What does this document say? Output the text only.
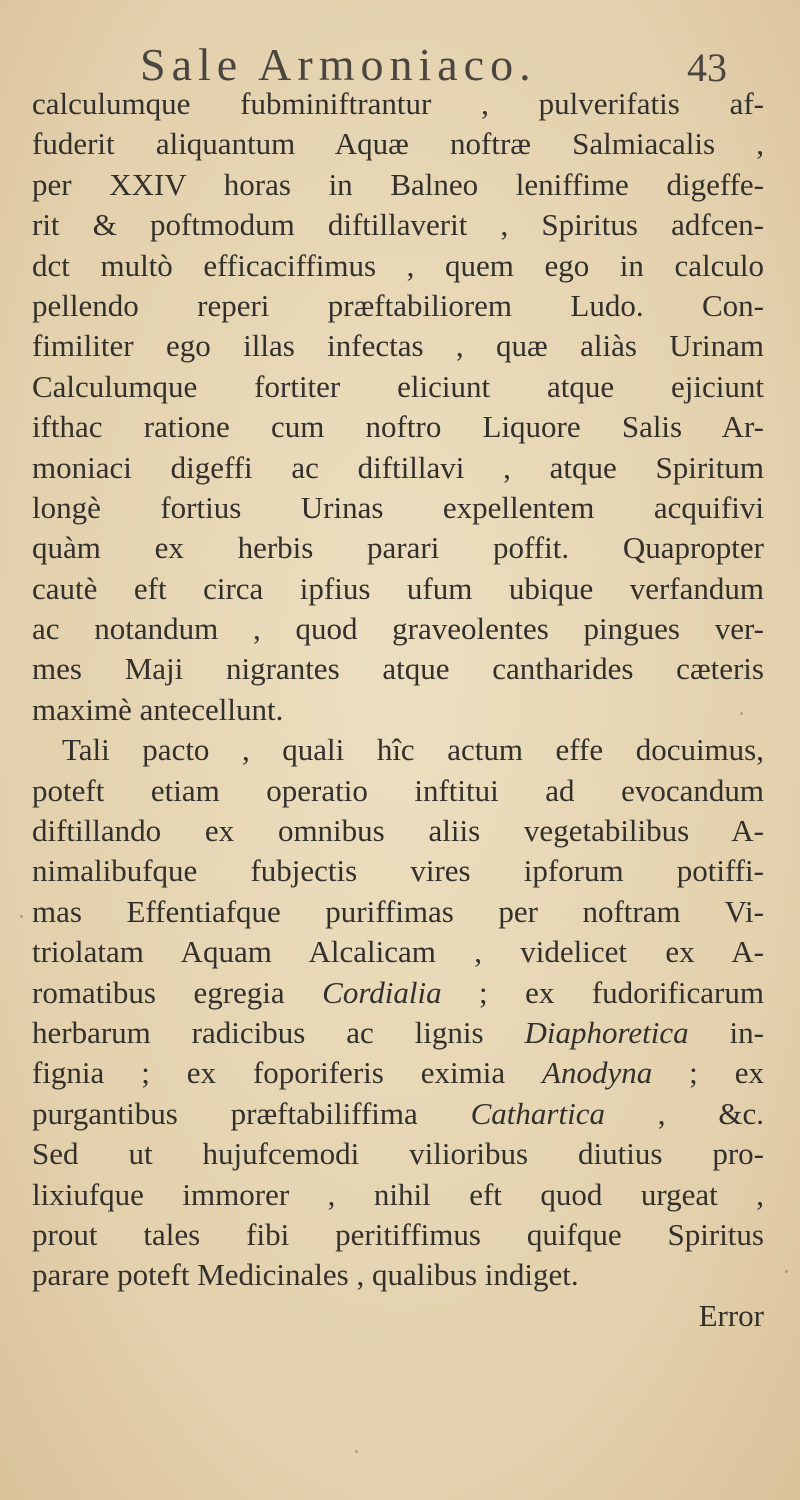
Sale Armoniaco.	43
calculumque fubminiftrantur , pulverifatis af-
fuderit aliquantum Aquæ noftræ Salmiacalis ,
per XXIV horas in Balneo leniffime digeffe-
rit & poftmodum diftillaverit , Spiritus adfcen-
dct multò efficaciffimus , quem ego in calculo
pellendo reperi præftabiliorem Ludo. Con-
fimiliter ego illas infectas , quæ aliàs Urinam
Calculumque fortiter eliciunt atque ejiciunt
ifthac ratione cum noftro Liquore Salis Ar-
moniaci digeffi ac diftillavi , atque Spiritum
longè fortius Urinas expellentem acquifivi
quàm ex herbis parari poffit. Quapropter
cautè eft circa ipfius ufum ubique verfandum
ac notandum , quod graveolentes pingues ver-
mes Maji nigrantes atque cantharides cæteris
maximè antecellunt.
Tali pacto , quali hîc actum effe docuimus,
poteft etiam operatio inftitui ad evocandum
diftillando ex omnibus aliis vegetabilibus A-
nimalibufque fubjectis vires ipforum potiffi-
mas Effentiafque puriffimas per noftram Vi-
triolatam Aquam Alcalicam , videlicet ex A-
romatibus egregia Cordialia ; ex fudorificarum
herbarum radicibus ac lignis Diaphoretica in-
fignia ; ex foporiferis eximia Anodyna ; ex
purgantibus præftabiliffima Cathartica , &c.
Sed ut hujufcemodi vilioribus diutius pro-
lixiufque immorer , nihil eft quod urgeat ,
prout tales fibi peritiffimus quifque Spiritus
parare poteft Medicinales , qualibus indiget.
Error
